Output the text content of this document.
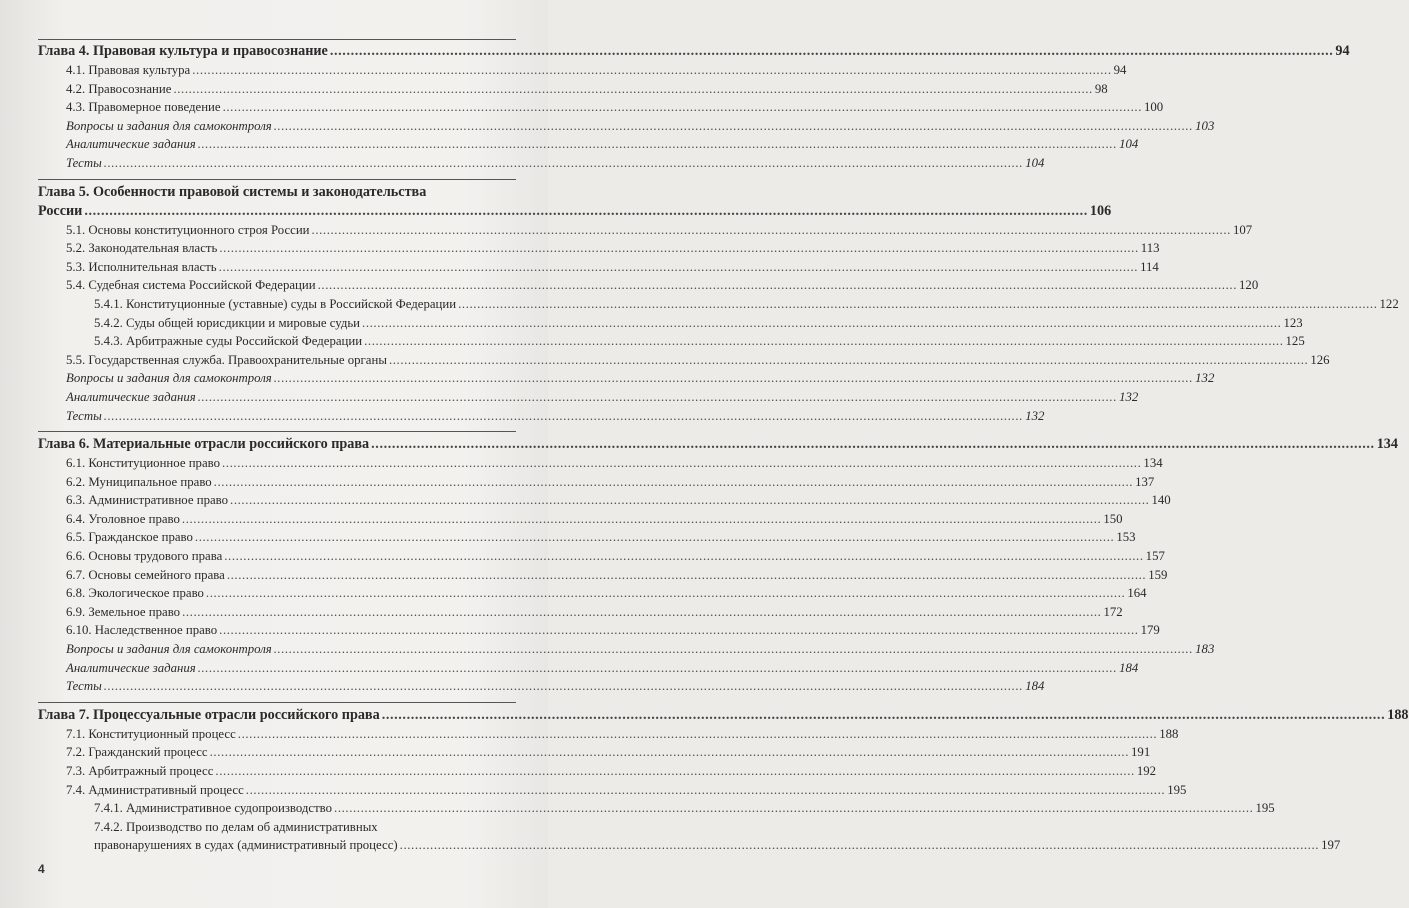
Глава 4. Правовая культура и правосознание .....	94
4.1. Правовая культура .....	94
4.2. Правосознание .....	98
4.3. Правомерное поведение .....	100
Вопросы и задания для самоконтроля .....	103
Аналитические задания .....	104
Тесты .....	104
Глава 5. Особенности правовой системы и законодательства
России .....	106
5.1. Основы конституционного строя России .....	107
5.2. Законодательная власть .....	113
5.3. Исполнительная власть .....	114
5.4. Судебная система Российской Федерации .....	120
5.4.1. Конституционные (уставные) суды в Российской Федерации .....	122
5.4.2. Суды общей юрисдикции и мировые судьи .....	123
5.4.3. Арбитражные суды Российской Федерации .....	125
5.5. Государственная служба. Правоохранительные органы .....	126
Вопросы и задания для самоконтроля .....	132
Аналитические задания .....	132
Тесты .....	132
Глава 6. Материальные отрасли российского права .....	134
6.1. Конституционное право .....	134
6.2. Муниципальное право .....	137
6.3. Административное право .....	140
6.4. Уголовное право .....	150
6.5. Гражданское право .....	153
6.6. Основы трудового права .....	157
6.7. Основы семейного права .....	159
6.8. Экологическое право .....	164
6.9. Земельное право .....	172
6.10. Наследственное право .....	179
Вопросы и задания для самоконтроля .....	183
Аналитические задания .....	184
Тесты .....	184
Глава 7. Процессуальные отрасли российского права .....	188
7.1. Конституционный процесс .....	188
7.2. Гражданский процесс .....	191
7.3. Арбитражный процесс .....	192
7.4. Административный процесс .....	195
7.4.1. Административное судопроизводство .....	195
7.4.2. Производство по делам об административных
правонарушениях в судах (административный процесс) .....	197
4
